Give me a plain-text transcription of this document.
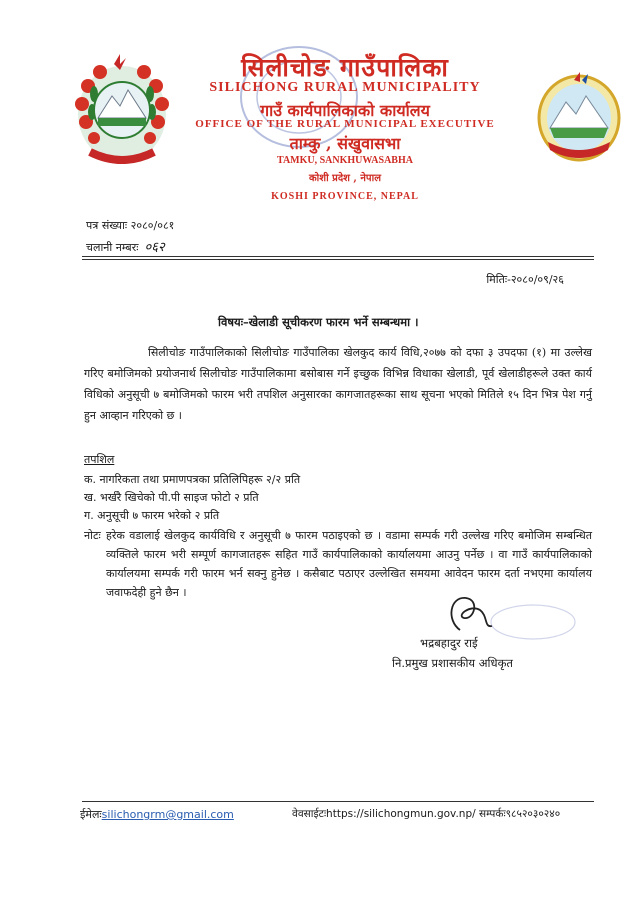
सिलीचोङ गाउँपालिका
SILICHONG RURAL MUNICIPALITY
गाउँ कार्यपालिकाको कार्यालय
OFFICE OF THE RURAL MUNICIPAL EXECUTIVE
ताम्कु , संखुवासभा
TAMKU, SANKHUWASABHA
कोशी प्रदेश , नेपाल
KOSHI PROVINCE, NEPAL
पत्र संख्याः २०८०/०८१
चलानी नम्बरः ०६२
मितिः-२०८०/०९/२६
विषयः–खेलाडी सूचीकरण फारम भर्ने सम्बन्धमा ।
सिलीचोङ गाउँपालिकाको सिलीचोङ गाउँपालिका खेलकुद कार्य विधि,२०७७ को दफा ३ उपदफा (१) मा उल्लेख गरिए बमोजिमको प्रयोजनार्थ सिलीचोङ गाउँपालिकामा बसोबास गर्ने इच्छुक विभिन्न विधाका खेलाडी, पूर्व खेलाडीहरूले उक्त कार्य विधिको अनुसूची ७ बमोजिमको फारम भरी तपशिल अनुसारका कागजातहरूका साथ सूचना भएको मितिले १५ दिन भित्र पेश गर्नु हुन आव्हान गरिएको छ ।
तपशिल
क. नागरिकता तथा प्रमाणपत्रका प्रतिलिपिहरू २/२ प्रति
ख. भर्खरै खिचेको पी.पी साइज फोटो २ प्रति
ग. अनुसूची ७ फारम भरेको २ प्रति
नोटः हरेक वडालाई खेलकुद कार्यविधि र अनुसूची ७ फारम पठाइएको छ । वडामा सम्पर्क गरी उल्लेख गरिए बमोजिम सम्बन्धित व्यक्तिले फारम भरी सम्पूर्ण कागजातहरू सहित गाउँ कार्यपालिकाको कार्यालयमा आउनु पर्नेछ । वा गाउँ कार्यपालिकाको कार्यालयमा सम्पर्क गरी फारम भर्न सक्नु हुनेछ । कसैबाट पठाएर उल्लेखित समयमा आवेदन फारम दर्ता नभएमा कार्यालय जवाफदेही हुने छैन ।
भद्रबहादुर राई
नि.प्रमुख प्रशासकीय अधिकृत
ईमेलःsilichongrm@gmail.com	वेवसाईटःhttps://silichongmun.gov.np/ सम्पर्कः९८५२०३०२४०
